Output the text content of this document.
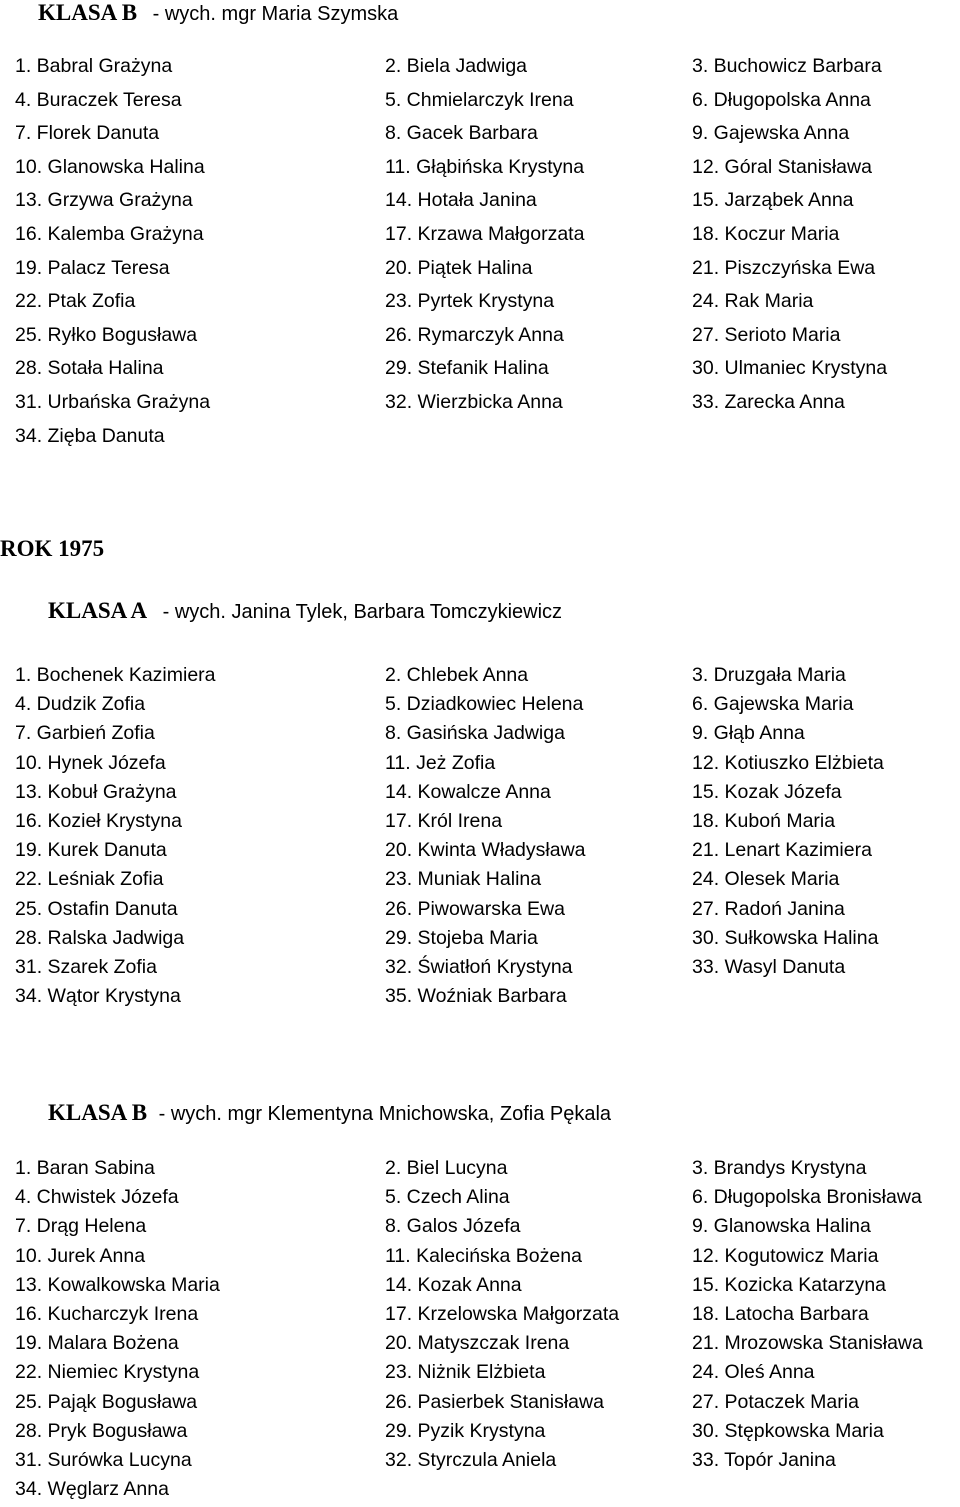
KLASA B - wych. mgr Maria Szymska
1. Babral Grażyna	2. Biela Jadwiga	3. Buchowicz Barbara
4. Buraczek Teresa	5. Chmielarczyk Irena	6. Długopolska Anna
7. Florek Danuta	8. Gacek Barbara	9. Gajewska Anna
10. Glanowska Halina	11. Głąbińska Krystyna	12. Góral Stanisława
13. Grzywa Grażyna	14. Hotała Janina	15. Jarząbek Anna
16. Kalemba Grażyna	17. Krzawa Małgorzata	18. Koczur Maria
19. Palacz Teresa	20. Piątek Halina	21. Piszczyńska Ewa
22. Ptak Zofia	23. Pyrtek Krystyna	24. Rak Maria
25. Ryłko Bogusława	26. Rymarczyk Anna	27. Serioto Maria
28. Sotała Halina	29. Stefanik Halina	30. Ulmaniec Krystyna
31. Urbańska Grażyna	32. Wierzbicka Anna	33. Zarecka Anna
34. Zięba Danuta
ROK 1975
KLASA A - wych. Janina Tylek, Barbara Tomczykiewicz
1. Bochenek Kazimiera	2. Chlebek Anna	3. Druzgała Maria
4. Dudzik Zofia	5. Dziadkowiec Helena	6. Gajewska Maria
7. Garbień Zofia	8. Gasińska Jadwiga	9. Głąb Anna
10. Hynek Józefa	11. Jeż Zofia	12. Kotiuszko Elżbieta
13. Kobuł Grażyna	14. Kowalcze Anna	15. Kozak Józefa
16. Kozieł Krystyna	17. Król Irena	18. Kuboń Maria
19. Kurek Danuta	20. Kwinta Władysława	21. Lenart Kazimiera
22. Leśniak Zofia	23. Muniak Halina	24. Olesek Maria
25. Ostafin Danuta	26. Piwowarska Ewa	27. Radoń Janina
28. Ralska Jadwiga	29. Stojeba Maria	30. Sułkowska Halina
31. Szarek Zofia	32. Światłoń Krystyna	33. Wasyl Danuta
34. Wątor Krystyna	35. Woźniak Barbara
KLASA B - wych. mgr Klementyna Mnichowska, Zofia Pękala
1. Baran Sabina	2. Biel Lucyna	3. Brandys Krystyna
4. Chwistek Józefa	5. Czech Alina	6. Długopolska Bronisława
7. Drąg Helena	8. Galos Józefa	9. Glanowska Halina
10. Jurek Anna	11. Kalecińska Bożena	12. Kogutowicz Maria
13. Kowalkowska Maria	14. Kozak Anna	15. Kozicka Katarzyna
16. Kucharczyk Irena	17. Krzelowska Małgorzata	18. Latocha Barbara
19. Malara Bożena	20. Matyszczak Irena	21. Mrozowska Stanisława
22. Niemiec Krystyna	23. Niżnik Elżbieta	24. Oleś Anna
25. Pająk Bogusława	26. Pasierbek Stanisława	27. Potaczek Maria
28. Pryk Bogusława	29. Pyzik Krystyna	30. Stępkowska Maria
31. Surówka Lucyna	32. Styrczula Aniela	33. Topór Janina
34. Węglarz Anna
